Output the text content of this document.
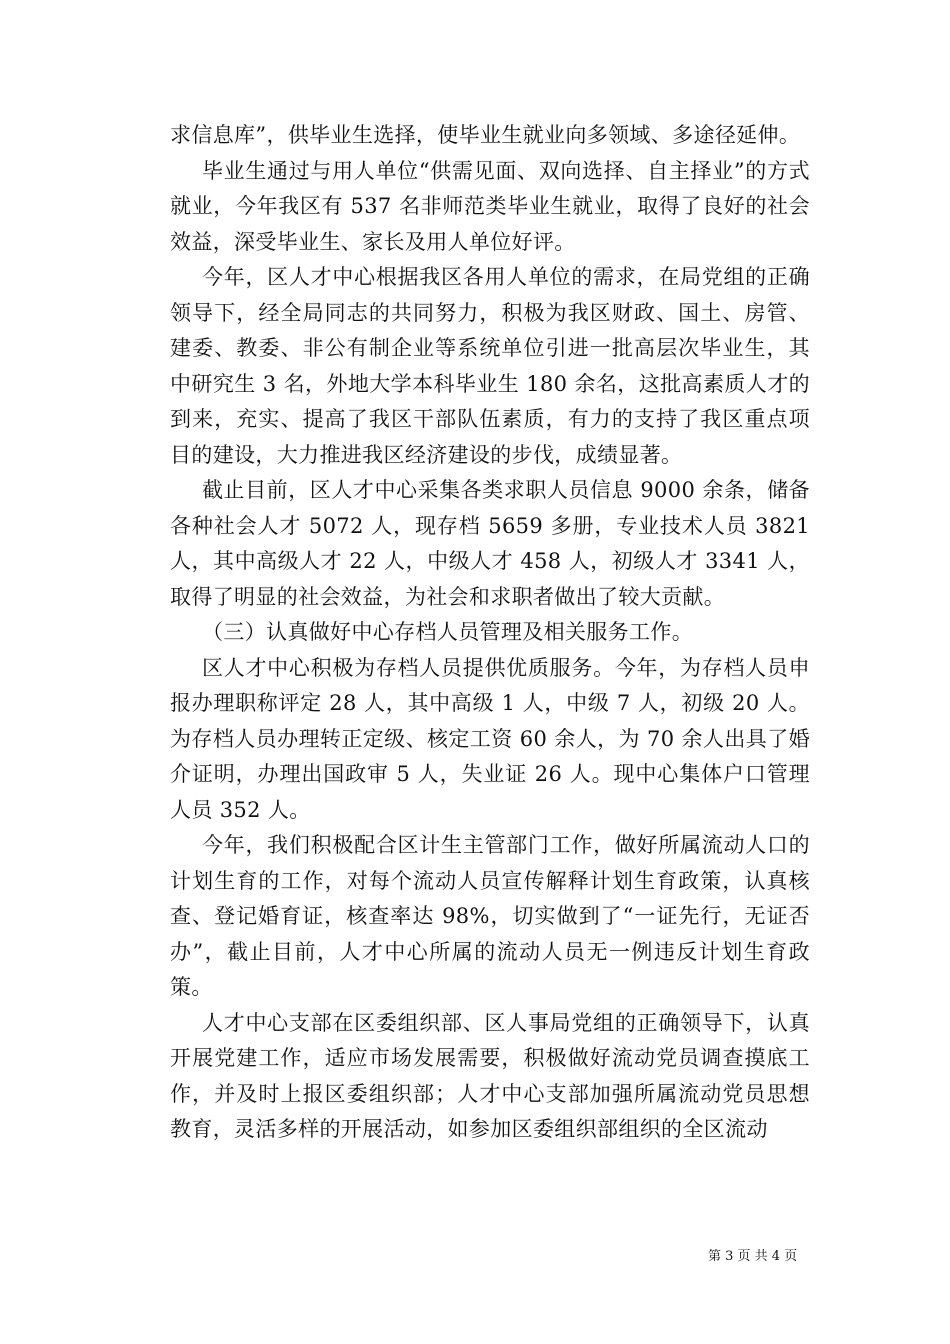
求信息库”，供毕业生选择，使毕业生就业向多领域、多途径延伸。

毕业生通过与用人单位“供需见面、双向选择、自主择业”的方式就业，今年我区有 537 名非师范类毕业生就业，取得了良好的社会效益，深受毕业生、家长及用人单位好评。

今年，区人才中心根据我区各用人单位的需求，在局党组的正确领导下，经全局同志的共同努力，积极为我区财政、国土、房管、建委、教委、非公有制企业等系统单位引进一批高层次毕业生，其中研究生 3 名，外地大学本科毕业生 180 余名，这批高素质人才的到来，充实、提高了我区干部队伍素质，有力的支持了我区重点项目的建设，大力推进我区经济建设的步伐，成绩显著。

截止目前，区人才中心采集各类求职人员信息 9000 余条，储备各种社会人才 5072 人，现存档 5659 多册，专业技术人员 3821 人，其中高级人才 22 人，中级人才 458 人，初级人才 3341 人，取得了明显的社会效益，为社会和求职者做出了较大贡献。

（三）认真做好中心存档人员管理及相关服务工作。

区人才中心积极为存档人员提供优质服务。今年，为存档人员申报办理职称评定 28 人，其中高级 1 人，中级 7 人，初级 20 人。为存档人员办理转正定级、核定工资 60 余人，为 70 余人出具了婚介证明，办理出国政审 5 人，失业证 26 人。现中心集体户口管理人员 352 人。

今年，我们积极配合区计生主管部门工作，做好所属流动人口的计划生育的工作，对每个流动人员宣传解释计划生育政策，认真核查、登记婚育证，核查率达 98%，切实做到了“一证先行，无证否办”，截止目前，人才中心所属的流动人员无一例违反计划生育政策。

人才中心支部在区委组织部、区人事局党组的正确领导下，认真开展党建工作，适应市场发展需要，积极做好流动党员调查摸底工作，并及时上报区委组织部；人才中心支部加强所属流动党员思想教育，灵活多样的开展活动，如参加区委组织部组织的全区流动

第 3 页 共 4 页
